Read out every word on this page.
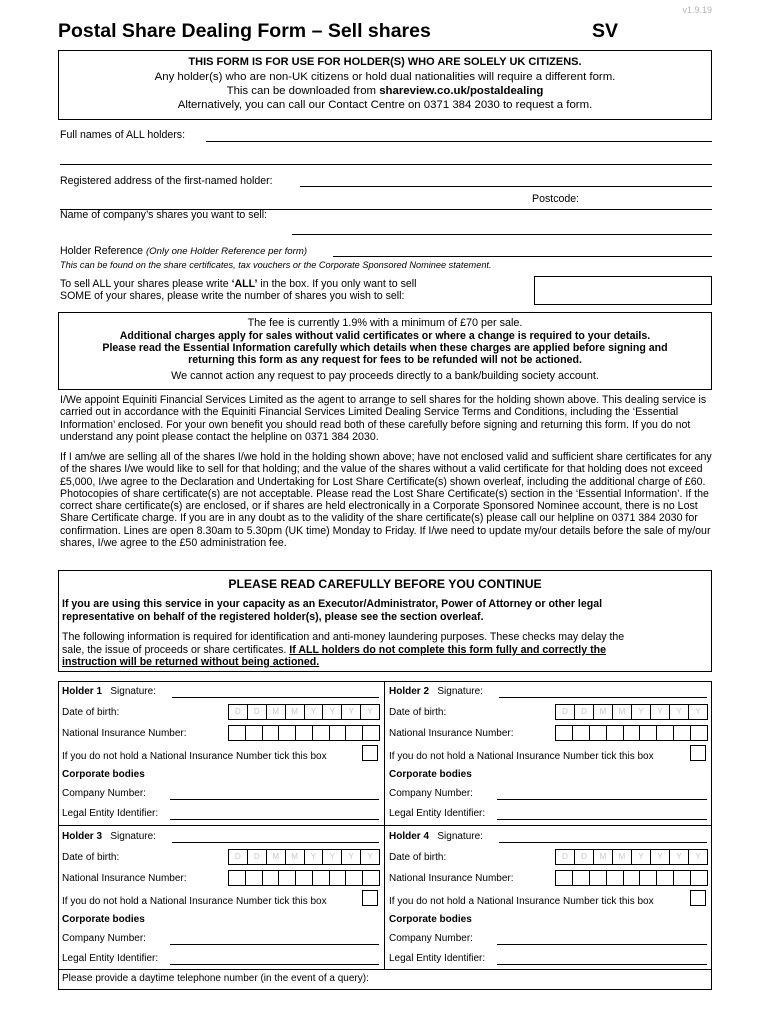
v1.9.19
Postal Share Dealing Form – Sell shares	SV
THIS FORM IS FOR USE FOR HOLDER(S) WHO ARE SOLELY UK CITIZENS.
Any holder(s) who are non-UK citizens or hold dual nationalities will require a different form.
This can be downloaded from shareview.co.uk/postaldealing
Alternatively, you can call our Contact Centre on 0371 384 2030 to request a form.
Full names of ALL holders:
Registered address of the first-named holder:
Postcode:
Name of company’s shares you want to sell:
Holder Reference (Only one Holder Reference per form)
This can be found on the share certificates, tax vouchers or the Corporate Sponsored Nominee statement.
To sell ALL your shares please write ‘ALL’ in the box. If you only want to sell
SOME of your shares, please write the number of shares you wish to sell:
The fee is currently 1.9% with a minimum of £70 per sale.
Additional charges apply for sales without valid certificates or where a change is required to your details.
Please read the Essential Information carefully which details when these charges are applied before signing and
returning this form as any request for fees to be refunded will not be actioned.
We cannot action any request to pay proceeds directly to a bank/building society account.
I/We appoint Equiniti Financial Services Limited as the agent to arrange to sell shares for the holding shown above. This dealing service is carried out in accordance with the Equiniti Financial Services Limited Dealing Service Terms and Conditions, including the ‘Essential Information’ enclosed. For your own benefit you should read both of these carefully before signing and returning this form. If you do not understand any point please contact the helpline on 0371 384 2030.
If I am/we are selling all of the shares I/we hold in the holding shown above; have not enclosed valid and sufficient share certificates for any of the shares I/we would like to sell for that holding; and the value of the shares without a valid certificate for that holding does not exceed £5,000, I/we agree to the Declaration and Undertaking for Lost Share Certificate(s) shown overleaf, including the additional charge of £60. Photocopies of share certificate(s) are not acceptable. Please read the Lost Share Certificate(s) section in the ‘Essential Information’. If the correct share certificate(s) are enclosed, or if shares are held electronically in a Corporate Sponsored Nominee account, there is no Lost Share Certificate charge. If you are in any doubt as to the validity of the share certificate(s) please call our helpline on 0371 384 2030 for confirmation. Lines are open 8.30am to 5.30pm (UK time) Monday to Friday. If I/we need to update my/our details before the sale of my/our shares, I/we agree to the £50 administration fee.
PLEASE READ CAREFULLY BEFORE YOU CONTINUE
If you are using this service in your capacity as an Executor/Administrator, Power of Attorney or other legal
representative on behalf of the registered holder(s), please see the section overleaf.
The following information is required for identification and anti-money laundering purposes. These checks may delay the
sale, the issue of proceeds or share certificates. If ALL holders do not complete this form fully and correctly the
instruction will be returned without being actioned.
Holder 1 Signature:
Date of birth:	D	D	M	M	Y	Y	Y	Y
National Insurance Number:
If you do not hold a National Insurance Number tick this box
Corporate bodies
Company Number:
Legal Entity Identifier:
Holder 2 Signature:
Date of birth:	D	D	M	M	Y	Y	Y	Y
National Insurance Number:
If you do not hold a National Insurance Number tick this box
Corporate bodies
Company Number:
Legal Entity Identifier:
Holder 3 Signature:
Date of birth:	D	D	M	M	Y	Y	Y	Y
National Insurance Number:
If you do not hold a National Insurance Number tick this box
Corporate bodies
Company Number:
Legal Entity Identifier:
Holder 4 Signature:
Date of birth:	D	D	M	M	Y	Y	Y	Y
National Insurance Number:
If you do not hold a National Insurance Number tick this box
Corporate bodies
Company Number:
Legal Entity Identifier:
Please provide a daytime telephone number (in the event of a query):
